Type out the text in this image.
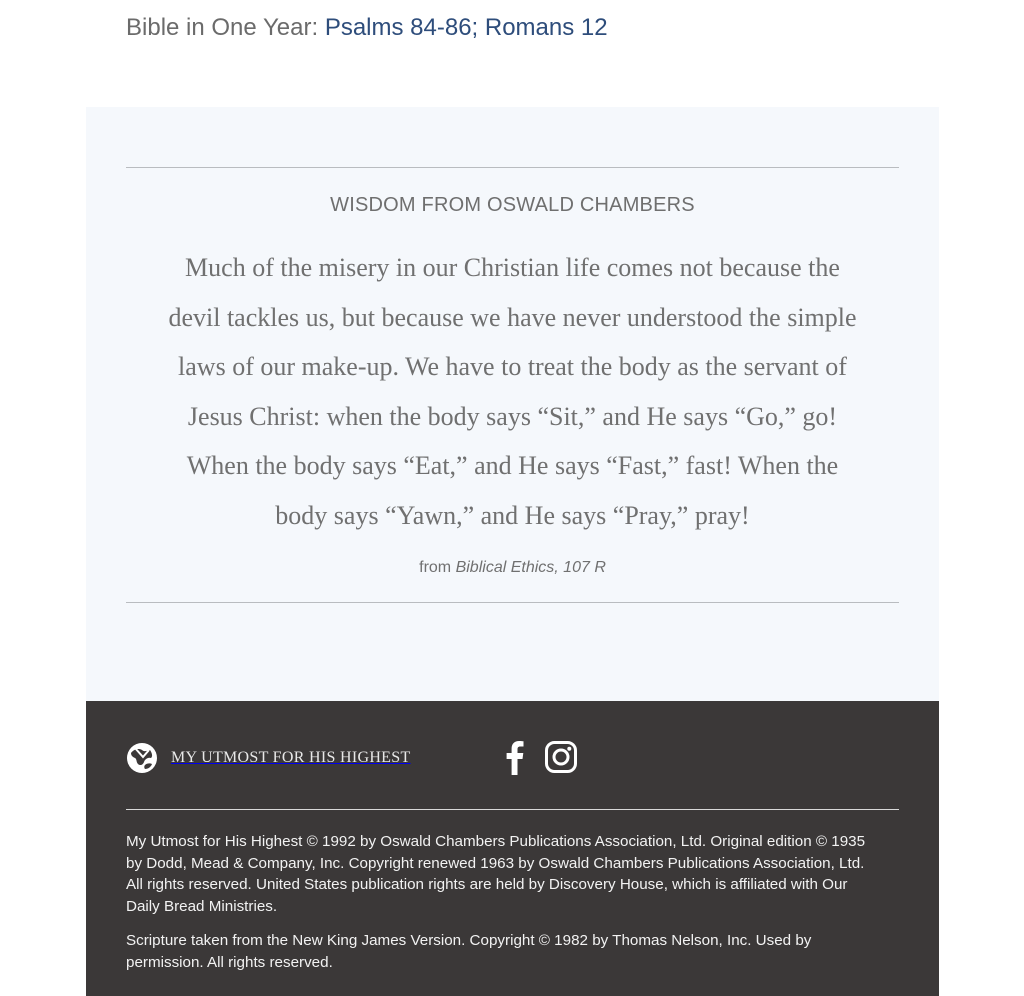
Bible in One Year: Psalms 84-86; Romans 12
WISDOM FROM OSWALD CHAMBERS
Much of the misery in our Christian life comes not because the
devil tackles us, but because we have never understood the simple
laws of our make-up. We have to treat the body as the servant of
Jesus Christ: when the body says “Sit,” and He says “Go,” go!
When the body says “Eat,” and He says “Fast,” fast! When the
body says “Yawn,” and He says “Pray,” pray!
from Biblical Ethics, 107 R
MY UTMOST FOR HIS HIGHEST

My Utmost for His Highest © 1992 by Oswald Chambers Publications Association, Ltd. Original edition © 1935
by Dodd, Mead & Company, Inc. Copyright renewed 1963 by Oswald Chambers Publications Association, Ltd.
All rights reserved. United States publication rights are held by Discovery House, which is affiliated with Our
Daily Bread Ministries.

Scripture taken from the New King James Version. Copyright © 1982 by Thomas Nelson, Inc. Used by
permission. All rights reserved.
